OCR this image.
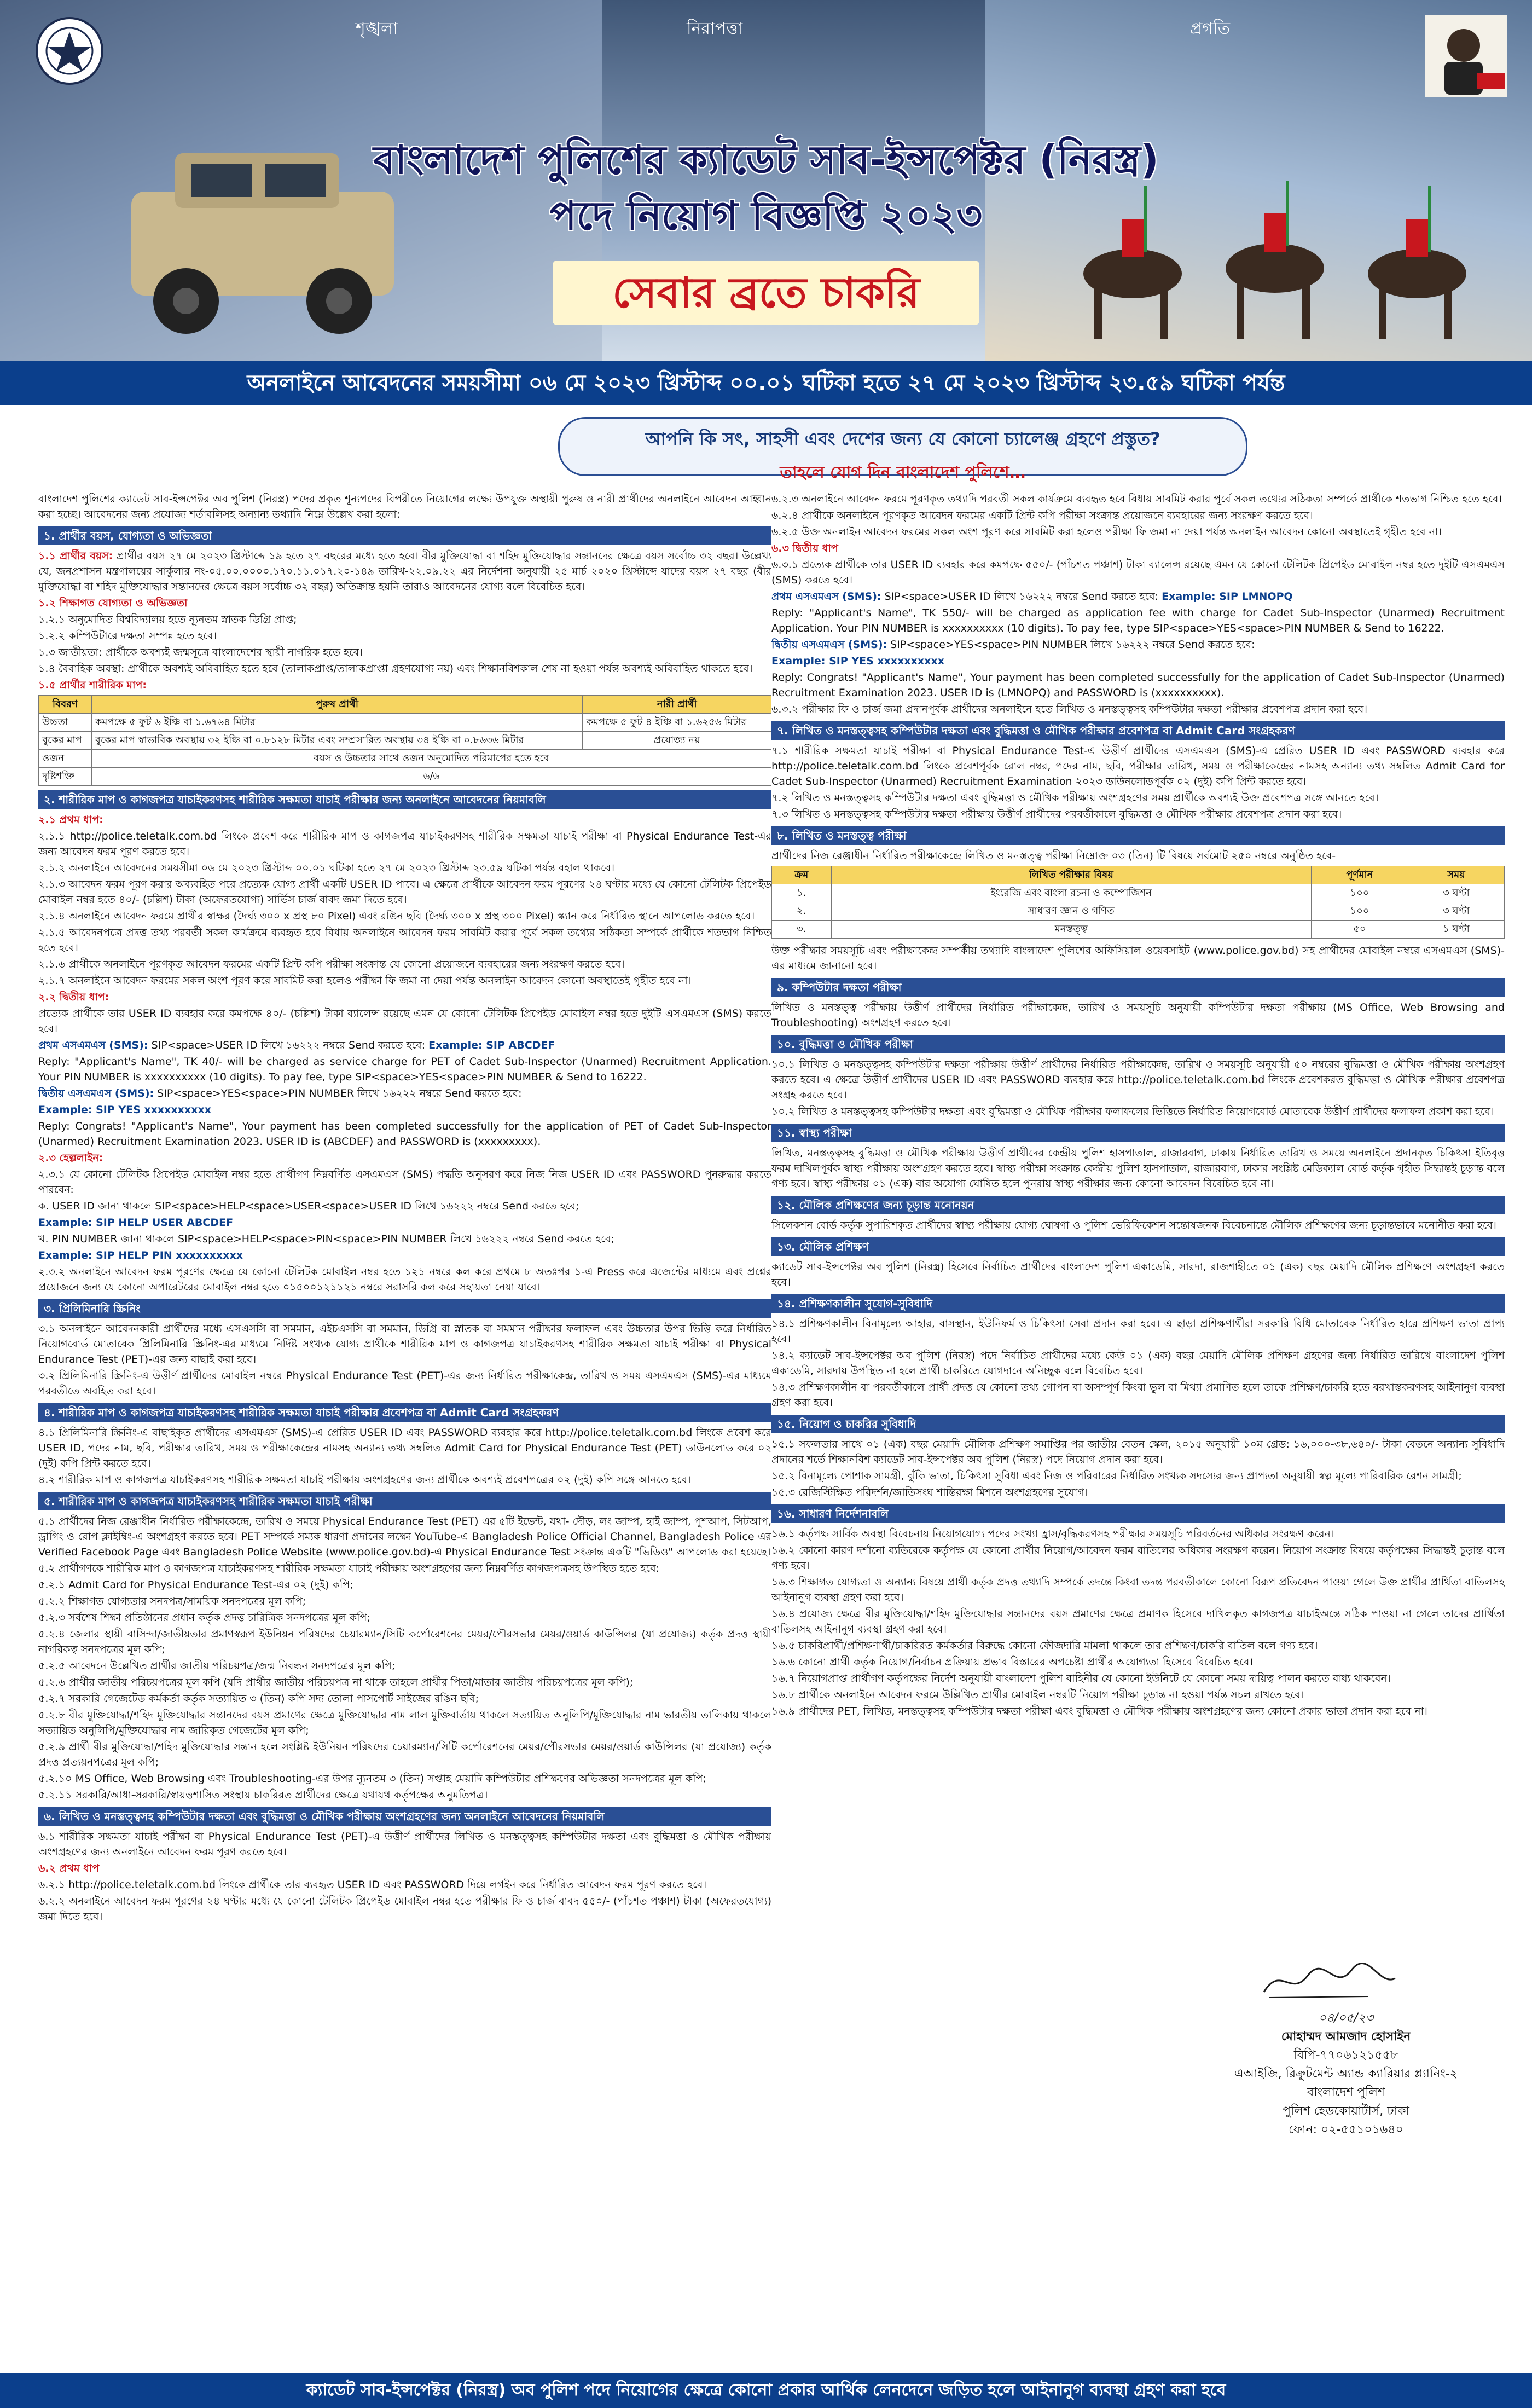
শৃঙ্খলা	নিরাপত্তা	প্রগতি
বাংলাদেশ পুলিশের ক্যাডেট সাব-ইন্সপেক্টর (নিরস্ত্র)
পদে নিয়োগ বিজ্ঞপ্তি ২০২৩
সেবার ব্রতে চাকরি
অনলাইনে আবেদনের সময়সীমা ০৬ মে ২০২৩ খ্রিস্টাব্দ ০০.০১ ঘটিকা হতে ২৭ মে ২০২৩ খ্রিস্টাব্দ ২৩.৫৯ ঘটিকা পর্যন্ত
আপনি কি সৎ, সাহসী এবং দেশের জন্য যে কোনো চ্যালেঞ্জ গ্রহণে প্রস্তুত?
তাহলে যোগ দিন বাংলাদেশ পুলিশে…

বাংলাদেশ পুলিশের ক্যাডেট সাব-ইন্সপেক্টর অব পুলিশ (নিরস্ত্র) পদের প্রকৃত শূন্যপদের বিপরীতে নিয়োগের লক্ষ্যে উপযুক্ত অস্থায়ী পুরুষ ও নারী প্রার্থীদের অনলাইনে আবেদন আহ্বান করা হচ্ছে। আবেদনের জন্য প্রযোজ্য শর্তাবলিসহ অন্যান্য তথ্যাদি নিম্নে উল্লেখ করা হলো:

১. প্রার্থীর বয়স, যোগ্যতা ও অভিজ্ঞতা

১.১ প্রার্থীর বয়স: প্রার্থীর বয়স ২৭ মে ২০২৩ খ্রিস্টাব্দে ১৯ হতে ২৭ বছরের মধ্যে হতে হবে। বীর মুক্তিযোদ্ধা বা শহিদ মুক্তিযোদ্ধার সন্তানদের ক্ষেত্রে বয়স সর্বোচ্চ ৩২ বছর। উল্লেখ্য যে, জনপ্রশাসন মন্ত্রণালয়ের সার্কুলার নং-০৫.০০.০০০০.১৭০.১১.০১৭.২০-১৪৯ তারিখ-২২.০৯.২২ এর নির্দেশনা অনুযায়ী ২৫ মার্চ ২০২০ খ্রিস্টাব্দে যাদের বয়স ২৭ বছর (বীর মুক্তিযোদ্ধা বা শহিদ মুক্তিযোদ্ধার সন্তানদের ক্ষেত্রে বয়স সর্বোচ্চ ৩২ বছর) অতিক্রান্ত হয়নি তারাও আবেদনের যোগ্য বলে বিবেচিত হবে।

১.২ শিক্ষাগত যোগ্যতা ও অভিজ্ঞতা

১.২.১ অনুমোদিত বিশ্ববিদ্যালয় হতে ন্যূনতম স্নাতক ডিগ্রি প্রাপ্ত;

১.২.২ কম্পিউটারে দক্ষতা সম্পন্ন হতে হবে।

১.৩ জাতীয়তা: প্রার্থীকে অবশ্যই জন্মসূত্রে বাংলাদেশের স্থায়ী নাগরিক হতে হবে।

১.৪ বৈবাহিক অবস্থা: প্রার্থীকে অবশ্যই অবিবাহিত হতে হবে (তালাকপ্রাপ্ত/তালাকপ্রাপ্তা গ্রহণযোগ্য নয়) এবং শিক্ষানবিশকাল শেষ না হওয়া পর্যন্ত অবশ্যই অবিবাহিত থাকতে হবে।

১.৫ প্রার্থীর শারীরিক মাপ:

বিবরণ	পুরুষ প্রার্থী	নারী প্রার্থী
উচ্চতা	কমপক্ষে ৫ ফুট ৬ ইঞ্চি বা ১.৬৭৬৪ মিটার	কমপক্ষে ৫ ফুট ৪ ইঞ্চি বা ১.৬২৫৬ মিটার
বুকের মাপ	বুকের মাপ স্বাভাবিক অবস্থায় ৩২ ইঞ্চি বা ০.৮১২৮ মিটার এবং সম্প্রসারিত অবস্থায় ৩৪ ইঞ্চি বা ০.৮৬৩৬ মিটার	প্রযোজ্য নয়
ওজন	বয়স ও উচ্চতার সাথে ওজন অনুমোদিত পরিমাপের হতে হবে	
দৃষ্টিশক্তি	৬/৬	
২. শারীরিক মাপ ও কাগজপত্র যাচাইকরণসহ শারীরিক সক্ষমতা যাচাই পরীক্ষার জন্য অনলাইনে আবেদনের নিয়মাবলি

২.১ প্রথম ধাপ:

২.১.১ http://police.teletalk.com.bd লিংকে প্রবেশ করে শারীরিক মাপ ও কাগজপত্র যাচাইকরণসহ শারীরিক সক্ষমতা যাচাই পরীক্ষা বা Physical Endurance Test-এর জন্য আবেদন ফরম পূরণ করতে হবে।

২.১.২ অনলাইনে আবেদনের সময়সীমা ০৬ মে ২০২৩ খ্রিস্টাব্দ ০০.০১ ঘটিকা হতে ২৭ মে ২০২৩ খ্রিস্টাব্দ ২৩.৫৯ ঘটিকা পর্যন্ত বহাল থাকবে।

২.১.৩ আবেদন ফরম পূরণ করার অব্যবহিত পরে প্রত্যেক যোগ্য প্রার্থী একটি USER ID পাবে। এ ক্ষেত্রে প্রার্থীকে আবেদন ফরম পূরণের ২৪ ঘণ্টার মধ্যে যে কোনো টেলিটক প্রিপেইড মোবাইল নম্বর হতে ৪০/- (চল্লিশ) টাকা (অফেরতযোগ্য) সার্ভিস চার্জ বাবদ জমা দিতে হবে।

২.১.৪ অনলাইনে আবেদন ফরমে প্রার্থীর স্বাক্ষর (দৈর্ঘ্য ৩০০ x প্রস্থ ৮০ Pixel) এবং রঙিন ছবি (দৈর্ঘ্য ৩০০ x প্রস্থ ৩০০ Pixel) স্ক্যান করে নির্ধারিত স্থানে আপলোড করতে হবে।

২.১.৫ আবেদনপত্রে প্রদত্ত তথ্য পরবর্তী সকল কার্যক্রমে ব্যবহৃত হবে বিধায় অনলাইনে আবেদন ফরম সাবমিট করার পূর্বে সকল তথ্যের সঠিকতা সম্পর্কে প্রার্থীকে শতভাগ নিশ্চিত হতে হবে।

২.১.৬ প্রার্থীকে অনলাইনে পূরণকৃত আবেদন ফরমের একটি প্রিন্ট কপি পরীক্ষা সংক্রান্ত যে কোনো প্রয়োজনে ব্যবহারের জন্য সংরক্ষণ করতে হবে।

২.১.৭ অনলাইনে আবেদন ফরমের সকল অংশ পূরণ করে সাবমিট করা হলেও পরীক্ষা ফি জমা না দেয়া পর্যন্ত অনলাইন আবেদন কোনো অবস্থাতেই গৃহীত হবে না।

২.২ দ্বিতীয় ধাপ:

প্রত্যেক প্রার্থীকে তার USER ID ব্যবহার করে কমপক্ষে ৪০/- (চল্লিশ) টাকা ব্যালেন্স রয়েছে এমন যে কোনো টেলিটক প্রিপেইড মোবাইল নম্বর হতে দুইটি এসএমএস (SMS) করতে হবে।

প্রথম এসএমএস (SMS): SIP<space>USER ID লিখে ১৬২২২ নম্বরে Send করতে হবে: Example: SIP ABCDEF

Reply: "Applicant's Name", TK 40/- will be charged as service charge for PET of Cadet Sub-Inspector (Unarmed) Recruitment Application. Your PIN NUMBER is xxxxxxxxxx (10 digits). To pay fee, type SIP<space>YES<space>PIN NUMBER & Send to 16222.

দ্বিতীয় এসএমএস (SMS): SIP<space>YES<space>PIN NUMBER লিখে ১৬২২২ নম্বরে Send করতে হবে:

Example: SIP YES xxxxxxxxxx

Reply: Congrats! "Applicant's Name", Your payment has been completed successfully for the application of PET of Cadet Sub-Inspector (Unarmed) Recruitment Examination 2023. USER ID is (ABCDEF) and PASSWORD is (xxxxxxxxx).

২.৩ হেল্পলাইন:

২.৩.১ যে কোনো টেলিটক প্রিপেইড মোবাইল নম্বর হতে প্রার্থীগণ নিম্নবর্ণিত এসএমএস (SMS) পদ্ধতি অনুসরণ করে নিজ নিজ USER ID এবং PASSWORD পুনরুদ্ধার করতে পারবেন:

ক. USER ID জানা থাকলে SIP<space>HELP<space>USER<space>USER ID লিখে ১৬২২২ নম্বরে Send করতে হবে;

Example: SIP HELP USER ABCDEF

খ. PIN NUMBER জানা থাকলে SIP<space>HELP<space>PIN<space>PIN NUMBER লিখে ১৬২২২ নম্বরে Send করতে হবে;

Example: SIP HELP PIN xxxxxxxxxx

২.৩.২ অনলাইনে আবেদন ফরম পূরণের ক্ষেত্রে যে কোনো টেলিটক মোবাইল নম্বর হতে ১২১ নম্বরে কল করে প্রথমে ৮ অতঃপর ১-এ Press করে এজেন্টের মাধ্যমে এবং প্রশ্নের প্রয়োজনে জন্য যে কোনো অপারেটরের মোবাইল নম্বর হতে ০১৫০০১২১১২১ নম্বরে সরাসরি কল করে সহায়তা নেয়া যাবে।

৩. প্রিলিমিনারি স্ক্রিনিং

৩.১ অনলাইনে আবেদনকারী প্রার্থীদের মধ্যে এসএসসি বা সমমান, এইচএসসি বা সমমান, ডিগ্রি বা স্নাতক বা সমমান পরীক্ষার ফলাফল এবং উচ্চতার উপর ভিত্তি করে নির্ধারিত নিয়োগবোর্ড মোতাবেক প্রিলিমিনারি স্ক্রিনিং-এর মাধ্যমে নির্দিষ্ট সংখ্যক যোগ্য প্রার্থীকে শারীরিক মাপ ও কাগজপত্র যাচাইকরণসহ শারীরিক সক্ষমতা যাচাই পরীক্ষা বা Physical Endurance Test (PET)-এর জন্য বাছাই করা হবে।

৩.২ প্রিলিমিনারি স্ক্রিনিং-এ উত্তীর্ণ প্রার্থীদের মোবাইল নম্বরে Physical Endurance Test (PET)-এর জন্য নির্ধারিত পরীক্ষাকেন্দ্র, তারিখ ও সময় এসএমএস (SMS)-এর মাধ্যমে পরবর্তীতে অবহিত করা হবে।

৪. শারীরিক মাপ ও কাগজপত্র যাচাইকরণসহ শারীরিক সক্ষমতা যাচাই পরীক্ষার প্রবেশপত্র বা Admit Card সংগ্রহকরণ

৪.১ প্রিলিমিনারি স্ক্রিনিং-এ বাছাইকৃত প্রার্থীদের এসএমএস (SMS)-এ প্রেরিত USER ID এবং PASSWORD ব্যবহার করে http://police.teletalk.com.bd লিংকে প্রবেশ করে USER ID, পদের নাম, ছবি, পরীক্ষার তারিখ, সময় ও পরীক্ষাকেন্দ্রের নামসহ অন্যান্য তথ্য সম্বলিত Admit Card for Physical Endurance Test (PET) ডাউনলোড করে ০২ (দুই) কপি প্রিন্ট করতে হবে।

৪.২ শারীরিক মাপ ও কাগজপত্র যাচাইকরণসহ শারীরিক সক্ষমতা যাচাই পরীক্ষায় অংশগ্রহণের জন্য প্রার্থীকে অবশ্যই প্রবেশপত্রের ০২ (দুই) কপি সঙ্গে আনতে হবে।

৫. শারীরিক মাপ ও কাগজপত্র যাচাইকরণসহ শারীরিক সক্ষমতা যাচাই পরীক্ষা

৫.১ প্রার্থীদের নিজ রেঞ্জাধীন নির্ধারিত পরীক্ষাকেন্দ্রে, তারিখ ও সময়ে Physical Endurance Test (PET) এর ৫টি ইভেন্ট, যথা- দৌড়, লং জাম্প, হাই জাম্প, পুশআপ, সিটআপ, ড্রাগিং ও রোপ ক্লাইম্বিং-এ অংশগ্রহণ করতে হবে। PET সম্পর্কে সম্যক ধারণা প্রদানের লক্ষ্যে YouTube-এ Bangladesh Police Official Channel, Bangladesh Police এর Verified Facebook Page এবং Bangladesh Police Website (www.police.gov.bd)-এ Physical Endurance Test সংক্রান্ত একটি "ভিডিও" আপলোড করা হয়েছে।

৫.২ প্রার্থীগণকে শারীরিক মাপ ও কাগজপত্র যাচাইকরণসহ শারীরিক সক্ষমতা যাচাই পরীক্ষায় অংশগ্রহণের জন্য নিম্নবর্ণিত কাগজপত্রসহ উপস্থিত হতে হবে:

৫.২.১ Admit Card for Physical Endurance Test-এর ০২ (দুই) কপি;

৫.২.২ শিক্ষাগত যোগ্যতার সনদপত্র/সাময়িক সনদপত্রের মূল কপি;

৫.২.৩ সর্বশেষ শিক্ষা প্রতিষ্ঠানের প্রধান কর্তৃক প্রদত্ত চারিত্রিক সনদপত্রের মূল কপি;

৫.২.৪ জেলার স্থায়ী বাসিন্দা/জাতীয়তার প্রমাণস্বরূপ ইউনিয়ন পরিষদের চেয়ারম্যান/সিটি কর্পোরেশনের মেয়র/পৌরসভার মেয়র/ওয়ার্ড কাউন্সিলর (যা প্রযোজ্য) কর্তৃক প্রদত্ত স্থায়ী নাগরিকত্ব সনদপত্রের মূল কপি;

৫.২.৫ আবেদনে উল্লেখিত প্রার্থীর জাতীয় পরিচয়পত্র/জন্ম নিবন্ধন সনদপত্রের মূল কপি;

৫.২.৬ প্রার্থীর জাতীয় পরিচয়পত্রের মূল কপি (যদি প্রার্থীর জাতীয় পরিচয়পত্র না থাকে তাহলে প্রার্থীর পিতা/মাতার জাতীয় পরিচয়পত্রের মূল কপি);

৫.২.৭ সরকারি গেজেটেড কর্মকর্তা কর্তৃক সত্যায়িত ৩ (তিন) কপি সদ্য তোলা পাসপোর্ট সাইজের রঙিন ছবি;

৫.২.৮ বীর মুক্তিযোদ্ধা/শহিদ মুক্তিযোদ্ধার সন্তানদের বয়স প্রমাণের ক্ষেত্রে মুক্তিযোদ্ধার নাম লাল মুক্তিবার্তায় থাকলে সত্যায়িত অনুলিপি/মুক্তিযোদ্ধার নাম ভারতীয় তালিকায় থাকলে সত্যায়িত অনুলিপি/মুক্তিযোদ্ধার নাম জারিকৃত গেজেটের মূল কপি;

৫.২.৯ প্রার্থী বীর মুক্তিযোদ্ধা/শহিদ মুক্তিযোদ্ধার সন্তান হলে সংশ্লিষ্ট ইউনিয়ন পরিষদের চেয়ারম্যান/সিটি কর্পোরেশনের মেয়র/পৌরসভার মেয়র/ওয়ার্ড কাউন্সিলর (যা প্রযোজ্য) কর্তৃক প্রদত্ত প্রত্যয়নপত্রের মূল কপি;

৫.২.১০ MS Office, Web Browsing এবং Troubleshooting-এর উপর ন্যূনতম ৩ (তিন) সপ্তাহ মেয়াদি কম্পিউটার প্রশিক্ষণের অভিজ্ঞতা সনদপত্রের মূল কপি;

৫.২.১১ সরকারি/আধা-সরকারি/স্বায়ত্তশাসিত সংস্থায় চাকরিরত প্রার্থীদের ক্ষেত্রে যথাযথ কর্তৃপক্ষের অনুমতিপত্র।

৬. লিখিত ও মনস্তত্ত্বসহ কম্পিউটার দক্ষতা এবং বুদ্ধিমত্তা ও মৌখিক পরীক্ষায় অংশগ্রহণের জন্য অনলাইনে আবেদনের নিয়মাবলি

৬.১ শারীরিক সক্ষমতা যাচাই পরীক্ষা বা Physical Endurance Test (PET)-এ উত্তীর্ণ প্রার্থীদের লিখিত ও মনস্তত্ত্বসহ কম্পিউটার দক্ষতা এবং বুদ্ধিমত্তা ও মৌখিক পরীক্ষায় অংশগ্রহণের জন্য অনলাইনে আবেদন ফরম পূরণ করতে হবে।

৬.২ প্রথম ধাপ

৬.২.১ http://police.teletalk.com.bd লিংকে প্রার্থীকে তার ব্যবহৃত USER ID এবং PASSWORD দিয়ে লগইন করে নির্ধারিত আবেদন ফরম পূরণ করতে হবে।

৬.২.২ অনলাইনে আবেদন ফরম পূরণের ২৪ ঘণ্টার মধ্যে যে কোনো টেলিটক প্রিপেইড মোবাইল নম্বর হতে পরীক্ষার ফি ও চার্জ বাবদ ৫৫০/- (পাঁচশত পঞ্চাশ) টাকা (অফেরতযোগ্য) জমা দিতে হবে।

৬.২.৩ অনলাইনে আবেদন ফরমে পূরণকৃত তথ্যাদি পরবর্তী সকল কার্যক্রমে ব্যবহৃত হবে বিধায় সাবমিট করার পূর্বে সকল তথ্যের সঠিকতা সম্পর্কে প্রার্থীকে শতভাগ নিশ্চিত হতে হবে।

৬.২.৪ প্রার্থীকে অনলাইনে পূরণকৃত আবেদন ফরমের একটি প্রিন্ট কপি পরীক্ষা সংক্রান্ত প্রয়োজনে ব্যবহারের জন্য সংরক্ষণ করতে হবে।

৬.২.৫ উক্ত অনলাইন আবেদন ফরমের সকল অংশ পূরণ করে সাবমিট করা হলেও পরীক্ষা ফি জমা না দেয়া পর্যন্ত অনলাইন আবেদন কোনো অবস্থাতেই গৃহীত হবে না।

৬.৩ দ্বিতীয় ধাপ

৬.৩.১ প্রত্যেক প্রার্থীকে তার USER ID ব্যবহার করে কমপক্ষে ৫৫০/- (পাঁচশত পঞ্চাশ) টাকা ব্যালেন্স রয়েছে এমন যে কোনো টেলিটক প্রিপেইড মোবাইল নম্বর হতে দুইটি এসএমএস (SMS) করতে হবে।

প্রথম এসএমএস (SMS): SIP<space>USER ID লিখে ১৬২২২ নম্বরে Send করতে হবে: Example: SIP LMNOPQ

Reply: "Applicant's Name", TK 550/- will be charged as application fee with charge for Cadet Sub-Inspector (Unarmed) Recruitment Application. Your PIN NUMBER is xxxxxxxxxx (10 digits). To pay fee, type SIP<space>YES<space>PIN NUMBER & Send to 16222.

দ্বিতীয় এসএমএস (SMS): SIP<space>YES<space>PIN NUMBER লিখে ১৬২২২ নম্বরে Send করতে হবে:

Example: SIP YES xxxxxxxxxx

Reply: Congrats! "Applicant's Name", Your payment has been completed successfully for the application of Cadet Sub-Inspector (Unarmed) Recruitment Examination 2023. USER ID is (LMNOPQ) and PASSWORD is (xxxxxxxxxx).

৬.৩.২ পরীক্ষার ফি ও চার্জ জমা প্রদানপূর্বক প্রার্থীদের অনলাইনে হতে লিখিত ও মনস্তত্ত্বসহ কম্পিউটার দক্ষতা পরীক্ষার প্রবেশপত্র প্রদান করা হবে।

৭. লিখিত ও মনস্তত্ত্বসহ কম্পিউটার দক্ষতা এবং বুদ্ধিমত্তা ও মৌখিক পরীক্ষার প্রবেশপত্র বা Admit Card সংগ্রহকরণ

৭.১ শারীরিক সক্ষমতা যাচাই পরীক্ষা বা Physical Endurance Test-এ উত্তীর্ণ প্রার্থীদের এসএমএস (SMS)-এ প্রেরিত USER ID এবং PASSWORD ব্যবহার করে http://police.teletalk.com.bd লিংকে প্রবেশপূর্বক রোল নম্বর, পদের নাম, ছবি, পরীক্ষার তারিখ, সময় ও পরীক্ষাকেন্দ্রের নামসহ অন্যান্য তথ্য সম্বলিত Admit Card for Cadet Sub-Inspector (Unarmed) Recruitment Examination ২০২৩ ডাউনলোডপূর্বক ০২ (দুই) কপি প্রিন্ট করতে হবে।

৭.২ লিখিত ও মনস্তত্ত্বসহ কম্পিউটার দক্ষতা এবং বুদ্ধিমত্তা ও মৌখিক পরীক্ষায় অংশগ্রহণের সময় প্রার্থীকে অবশ্যই উক্ত প্রবেশপত্র সঙ্গে আনতে হবে।

৭.৩ লিখিত ও মনস্তত্ত্বসহ কম্পিউটার দক্ষতা পরীক্ষায় উত্তীর্ণ প্রার্থীদের পরবর্তীকালে বুদ্ধিমত্তা ও মৌখিক পরীক্ষার প্রবেশপত্র প্রদান করা হবে।

৮. লিখিত ও মনস্তত্ত্ব পরীক্ষা

প্রার্থীদের নিজ রেঞ্জাধীন নির্ধারিত পরীক্ষাকেন্দ্রে লিখিত ও মনস্তত্ত্ব পরীক্ষা নিম্নোক্ত ০৩ (তিন) টি বিষয়ে সর্বমোট ২৫০ নম্বরে অনুষ্ঠিত হবে-

ক্রম	লিখিত পরীক্ষার বিষয়	পূর্ণমান	সময়
১.	ইংরেজি এবং বাংলা রচনা ও কম্পোজিশন	১০০	৩ ঘণ্টা
২.	সাধারণ জ্ঞান ও গণিত	১০০	৩ ঘণ্টা
৩.	মনস্তত্ত্ব	৫০	১ ঘণ্টা

উক্ত পরীক্ষার সময়সূচি এবং পরীক্ষাকেন্দ্র সম্পর্কীয় তথ্যাদি বাংলাদেশ পুলিশের অফিসিয়াল ওয়েবসাইট (www.police.gov.bd) সহ প্রার্থীদের মোবাইল নম্বরে এসএমএস (SMS)-এর মাধ্যমে জানানো হবে।

৯. কম্পিউটার দক্ষতা পরীক্ষা

লিখিত ও মনস্তত্ত্ব পরীক্ষায় উত্তীর্ণ প্রার্থীদের নির্ধারিত পরীক্ষাকেন্দ্র, তারিখ ও সময়সূচি অনুযায়ী কম্পিউটার দক্ষতা পরীক্ষায় (MS Office, Web Browsing and Troubleshooting) অংশগ্রহণ করতে হবে।

১০. বুদ্ধিমত্তা ও মৌখিক পরীক্ষা

১০.১ লিখিত ও মনস্তত্ত্বসহ কম্পিউটার দক্ষতা পরীক্ষায় উত্তীর্ণ প্রার্থীদের নির্ধারিত পরীক্ষাকেন্দ্র, তারিখ ও সময়সূচি অনুযায়ী ৫০ নম্বরের বুদ্ধিমত্তা ও মৌখিক পরীক্ষায় অংশগ্রহণ করতে হবে। এ ক্ষেত্রে উত্তীর্ণ প্রার্থীদের USER ID এবং PASSWORD ব্যবহার করে http://police.teletalk.com.bd লিংকে প্রবেশকরত বুদ্ধিমত্তা ও মৌখিক পরীক্ষার প্রবেশপত্র সংগ্রহ করতে হবে।

১০.২ লিখিত ও মনস্তত্ত্বসহ কম্পিউটার দক্ষতা এবং বুদ্ধিমত্তা ও মৌখিক পরীক্ষার ফলাফলের ভিত্তিতে নির্ধারিত নিয়োগবোর্ড মোতাবেক উত্তীর্ণ প্রার্থীদের ফলাফল প্রকাশ করা হবে।

১১. স্বাস্থ্য পরীক্ষা

লিখিত, মনস্তত্ত্বসহ বুদ্ধিমত্তা ও মৌখিক পরীক্ষায় উত্তীর্ণ প্রার্থীদের কেন্দ্রীয় পুলিশ হাসপাতাল, রাজারবাগ, ঢাকায় নির্ধারিত তারিখ ও সময়ে অনলাইনে প্রদানকৃত চিকিৎসা ইতিবৃত্ত ফরম দাখিলপূর্বক স্বাস্থ্য পরীক্ষায় অংশগ্রহণ করতে হবে। স্বাস্থ্য পরীক্ষা সংক্রান্ত কেন্দ্রীয় পুলিশ হাসপাতাল, রাজারবাগ, ঢাকার সংশ্লিষ্ট মেডিক্যাল বোর্ড কর্তৃক গৃহীত সিদ্ধান্তই চূড়ান্ত বলে গণ্য হবে। স্বাস্থ্য পরীক্ষায় ০১ (এক) বার অযোগ্য ঘোষিত হলে পুনরায় স্বাস্থ্য পরীক্ষার জন্য কোনো আবেদন বিবেচিত হবে না।

১২. মৌলিক প্রশিক্ষণের জন্য চূড়ান্ত মনোনয়ন

সিলেকশন বোর্ড কর্তৃক সুপারিশকৃত প্রার্থীদের স্বাস্থ্য পরীক্ষায় যোগ্য ঘোষণা ও পুলিশ ভেরিফিকেশন সন্তোষজনক বিবেচনান্তে মৌলিক প্রশিক্ষণের জন্য চূড়ান্তভাবে মনোনীত করা হবে।

১৩. মৌলিক প্রশিক্ষণ

ক্যাডেট সাব-ইন্সপেক্টর অব পুলিশ (নিরস্ত্র) হিসেবে নির্বাচিত প্রার্থীদের বাংলাদেশ পুলিশ একাডেমি, সারদা, রাজশাহীতে ০১ (এক) বছর মেয়াদি মৌলিক প্রশিক্ষণে অংশগ্রহণ করতে হবে।

১৪. প্রশিক্ষণকালীন সুযোগ-সুবিধাদি

১৪.১ প্রশিক্ষণকালীন বিনামূল্যে আহার, বাসস্থান, ইউনিফর্ম ও চিকিৎসা সেবা প্রদান করা হবে। এ ছাড়া প্রশিক্ষণার্থীরা সরকারি বিধি মোতাবেক নির্ধারিত হারে প্রশিক্ষণ ভাতা প্রাপ্য হবে।

১৪.২ ক্যাডেট সাব-ইন্সপেক্টর অব পুলিশ (নিরস্ত্র) পদে নির্বাচিত প্রার্থীদের মধ্যে কেউ ০১ (এক) বছর মেয়াদি মৌলিক প্রশিক্ষণ গ্রহণের জন্য নির্ধারিত তারিখে বাংলাদেশ পুলিশ একাডেমি, সারদায় উপস্থিত না হলে প্রার্থী চাকরিতে যোগদানে অনিচ্ছুক বলে বিবেচিত হবে।

১৪.৩ প্রশিক্ষণকালীন বা পরবর্তীকালে প্রার্থী প্রদত্ত যে কোনো তথ্য গোপন বা অসম্পূর্ণ কিংবা ভুল বা মিথ্যা প্রমাণিত হলে তাকে প্রশিক্ষণ/চাকরি হতে বরখাস্তকরণসহ আইনানুগ ব্যবস্থা গ্রহণ করা হবে।

১৫. নিয়োগ ও চাকরির সুবিধাদি

১৫.১ সফলতার সাথে ০১ (এক) বছর মেয়াদি মৌলিক প্রশিক্ষণ সমাপ্তির পর জাতীয় বেতন স্কেল, ২০১৫ অনুযায়ী ১০ম গ্রেড: ১৬,০০০-৩৮,৬৪০/- টাকা বেতনে অন্যান্য সুবিধাদি প্রদানের শর্তে শিক্ষানবিশ ক্যাডেট সাব-ইন্সপেক্টর অব পুলিশ (নিরস্ত্র) পদে নিয়োগ প্রদান করা হবে।

১৫.২ বিনামূল্যে পোশাক সামগ্রী, ঝুঁকি ভাতা, চিকিৎসা সুবিধা এবং নিজ ও পরিবারের নির্ধারিত সংখ্যক সদস্যের জন্য প্রাপ্যতা অনুযায়ী স্বল্প মূল্যে পারিবারিক রেশন সামগ্রী;

১৫.৩ রেজিস্টিক্ষিত পরিদর্শন/জাতিসংঘ শান্তিরক্ষা মিশনে অংশগ্রহণের সুযোগ।

১৬. সাধারণ নির্দেশনাবলি

১৬.১ কর্তৃপক্ষ সার্বিক অবস্থা বিবেচনায় নিয়োগযোগ্য পদের সংখ্যা হ্রাস/বৃদ্ধিকরণসহ পরীক্ষার সময়সূচি পরিবর্তনের অধিকার সংরক্ষণ করেন।

১৬.২ কোনো কারণ দর্শানো ব্যতিরেকে কর্তৃপক্ষ যে কোনো প্রার্থীর নিয়োগ/আবেদন ফরম বাতিলের অধিকার সংরক্ষণ করেন। নিয়োগ সংক্রান্ত বিষয়ে কর্তৃপক্ষের সিদ্ধান্তই চূড়ান্ত বলে গণ্য হবে।

১৬.৩ শিক্ষাগত যোগ্যতা ও অন্যান্য বিষয়ে প্রার্থী কর্তৃক প্রদত্ত তথ্যাদি সম্পর্কে তদন্তে কিংবা তদন্ত পরবর্তীকালে কোনো বিরূপ প্রতিবেদন পাওয়া গেলে উক্ত প্রার্থীর প্রার্থিতা বাতিলসহ আইনানুগ ব্যবস্থা গ্রহণ করা হবে।

১৬.৪ প্রযোজ্য ক্ষেত্রে বীর মুক্তিযোদ্ধা/শহিদ মুক্তিযোদ্ধার সন্তানদের বয়স প্রমাণের ক্ষেত্রে প্রমাণক হিসেবে দাখিলকৃত কাগজপত্র যাচাইঅন্তে সঠিক পাওয়া না গেলে তাদের প্রার্থিতা বাতিলসহ আইনানুগ ব্যবস্থা গ্রহণ করা হবে।

১৬.৫ চাকরিপ্রার্থী/প্রশিক্ষণার্থী/চাকরিরত কর্মকর্তার বিরুদ্ধে কোনো ফৌজদারি মামলা থাকলে তার প্রশিক্ষণ/চাকরি বাতিল বলে গণ্য হবে।

১৬.৬ কোনো প্রার্থী কর্তৃক নিয়োগ/নির্বাচন প্রক্রিয়ায় প্রভাব বিস্তারের অপচেষ্টা প্রার্থীর অযোগ্যতা হিসেবে বিবেচিত হবে।

১৬.৭ নিয়োগপ্রাপ্ত প্রার্থীগণ কর্তৃপক্ষের নির্দেশ অনুযায়ী বাংলাদেশ পুলিশ বাহিনীর যে কোনো ইউনিটে যে কোনো সময় দায়িত্ব পালন করতে বাধ্য থাকবেন।

১৬.৮ প্রার্থীকে অনলাইনে আবেদন ফরমে উল্লিখিত প্রার্থীর মোবাইল নম্বরটি নিয়োগ পরীক্ষা চূড়ান্ত না হওয়া পর্যন্ত সচল রাখতে হবে।

১৬.৯ প্রার্থীদের PET, লিখিত, মনস্তত্ত্বসহ কম্পিউটার দক্ষতা পরীক্ষা এবং বুদ্ধিমত্তা ও মৌখিক পরীক্ষায় অংশগ্রহণের জন্য কোনো প্রকার ভাতা প্রদান করা হবে না।

০৪/০৫/২৩
মোহাম্মদ আমজাদ হোসাইন
বিপি-৭৭০৬১২১৫৫৮
এআইজি, রিক্রুটমেন্ট অ্যান্ড ক্যারিয়ার প্ল্যানিং-২
বাংলাদেশ পুলিশ
পুলিশ হেডকোয়ার্টার্স, ঢাকা
ফোন: ০২-৫৫১০১৬৪০
ক্যাডেট সাব-ইন্সপেক্টর (নিরস্ত্র) অব পুলিশ পদে নিয়োগের ক্ষেত্রে কোনো প্রকার আর্থিক লেনদেনে জড়িত হলে আইনানুগ ব্যবস্থা গ্রহণ করা হবে
